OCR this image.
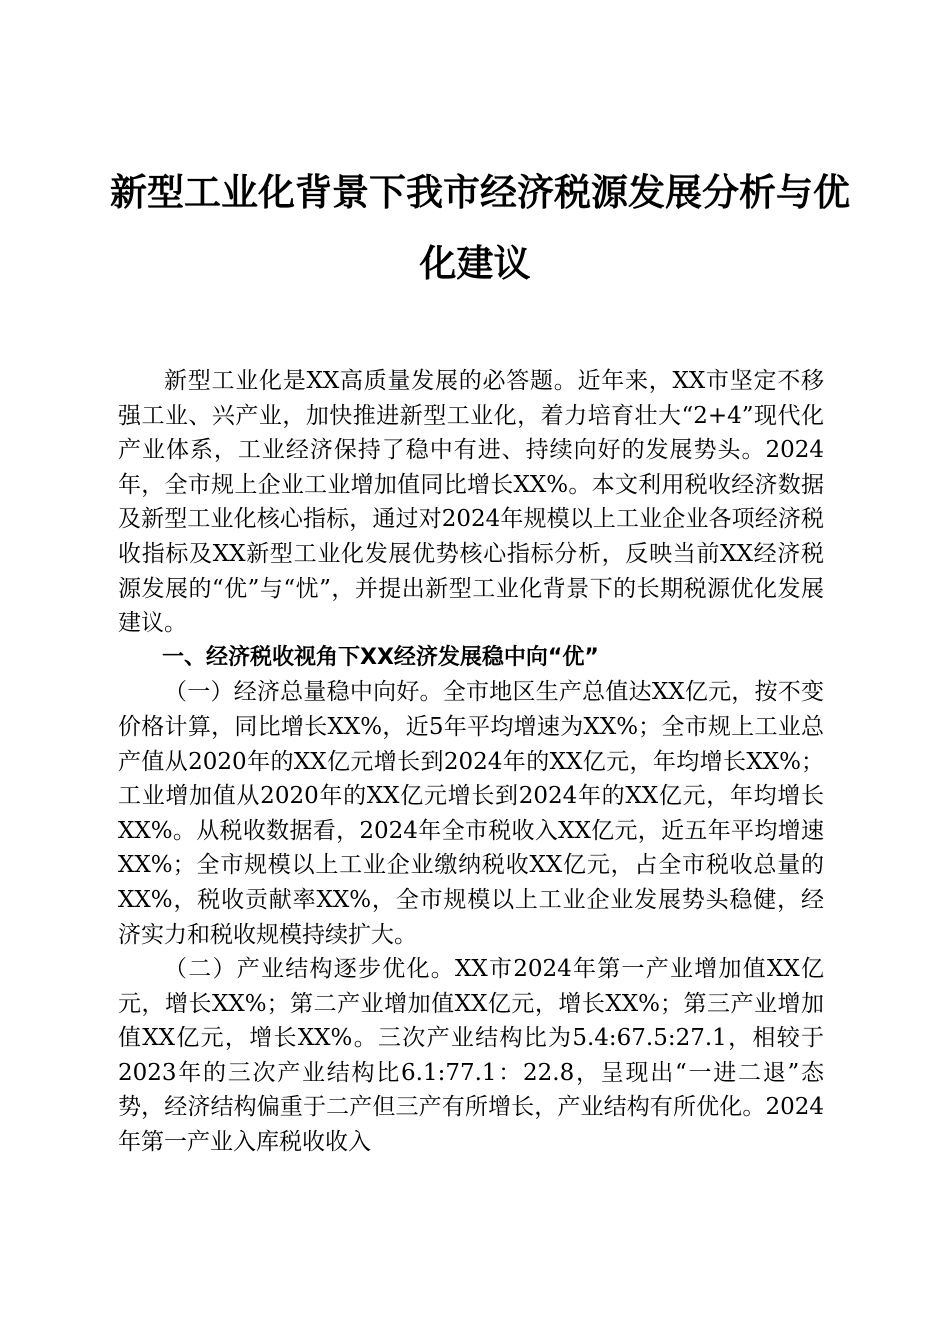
新型工业化背景下我市经济税源发展分析与优
化建议

新型工业化是XX高质量发展的必答题。近年来，XX市坚定不移强工业、兴产业，加快推进新型工业化，着力培育壮大“2+4”现代化产业体系，工业经济保持了稳中有进、持续向好的发展势头。2024年，全市规上企业工业增加值同比增长XX%。本文利用税收经济数据及新型工业化核心指标，通过对2024年规模以上工业企业各项经济税收指标及XX新型工业化发展优势核心指标分析，反映当前XX经济税源发展的“优”与“忧”，并提出新型工业化背景下的长期税源优化发展建议。

一、经济税收视角下XX经济发展稳中向“优”

（一）经济总量稳中向好。全市地区生产总值达XX亿元，按不变价格计算，同比增长XX%，近5年平均增速为XX%；全市规上工业总产值从2020年的XX亿元增长到2024年的XX亿元，年均增长XX%；工业增加值从2020年的XX亿元增长到2024年的XX亿元，年均增长XX%。从税收数据看，2024年全市税收入XX亿元，近五年平均增速XX%；全市规模以上工业企业缴纳税收XX亿元，占全市税收总量的XX%，税收贡献率XX%，全市规模以上工业企业发展势头稳健，经济实力和税收规模持续扩大。

（二）产业结构逐步优化。XX市2024年第一产业增加值XX亿元，增长XX%；第二产业增加值XX亿元，增长XX%；第三产业增加值XX亿元，增长XX%。三次产业结构比为5.4:67.5:27.1，相较于2023年的三次产业结构比6.1:77.1：22.8，呈现出“一进二退”态势，经济结构偏重于二产但三产有所增长，产业结构有所优化。2024年第一产业入库税收收入
